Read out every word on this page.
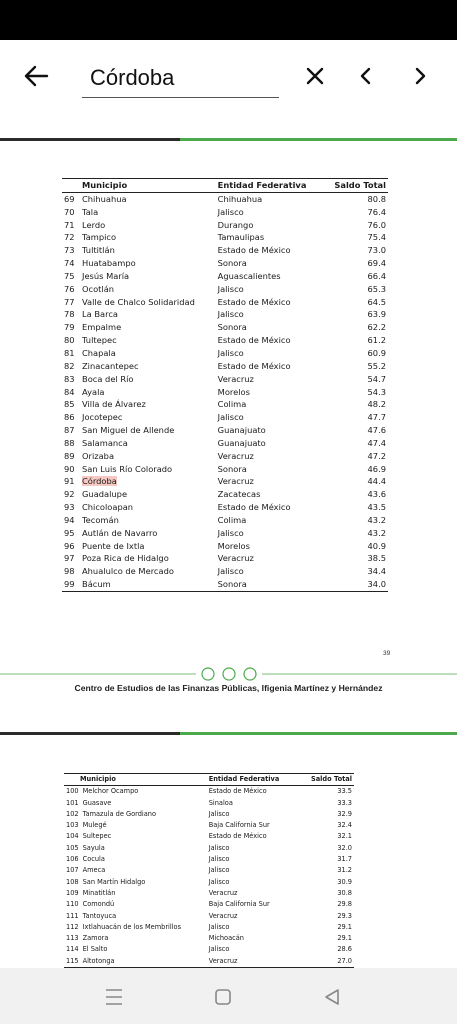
Córdoba
Municipio		Entidad Federativa	Saldo Total
69	Chihuahua	Chihuahua	80.8
70	Tala	Jalisco	76.4
71	Lerdo	Durango	76.0
72	Tampico	Tamaulipas	75.4
73	Tultitlán	Estado de México	73.0
74	Huatabampo	Sonora	69.4
75	Jesús María	Aguascalientes	66.4
76	Ocotlán	Jalisco	65.3
77	Valle de Chalco Solidaridad	Estado de México	64.5
78	La Barca	Jalisco	63.9
79	Empalme	Sonora	62.2
80	Tultepec	Estado de México	61.2
81	Chapala	Jalisco	60.9
82	Zinacantepec	Estado de México	55.2
83	Boca del Río	Veracruz	54.7
84	Ayala	Morelos	54.3
85	Villa de Álvarez	Colima	48.2
86	Jocotepec	Jalisco	47.7
87	San Miguel de Allende	Guanajuato	47.6
88	Salamanca	Guanajuato	47.4
89	Orizaba	Veracruz	47.2
90	San Luis Río Colorado	Sonora	46.9
91	Córdoba	Veracruz	44.4
92	Guadalupe	Zacatecas	43.6
93	Chicoloapan	Estado de México	43.5
94	Tecomán	Colima	43.2
95	Autlán de Navarro	Jalisco	43.2
96	Puente de Ixtla	Morelos	40.9
97	Poza Rica de Hidalgo	Veracruz	38.5
98	Ahualulco de Mercado	Jalisco	34.4
99	Bácum	Sonora	34.0
39
Centro de Estudios de las Finanzas Públicas, Ifigenia Martínez y Hernández
Municipio		Entidad Federativa	Saldo Total
100	Melchor Ocampo	Estado de México	33.5
101	Guasave	Sinaloa	33.3
102	Tamazula de Gordiano	Jalisco	32.9
103	Mulegé	Baja California Sur	32.4
104	Sultepec	Estado de México	32.1
105	Sayula	Jalisco	32.0
106	Cocula	Jalisco	31.7
107	Ameca	Jalisco	31.2
108	San Martín Hidalgo	Jalisco	30.9
109	Minatitlán	Veracruz	30.8
110	Comondú	Baja California Sur	29.8
111	Tantoyuca	Veracruz	29.3
112	Ixtlahuacán de los Membrillos	Jalisco	29.1
113	Zamora	Michoacán	29.1
114	El Salto	Jalisco	28.6
115	Altotonga	Veracruz	27.0
